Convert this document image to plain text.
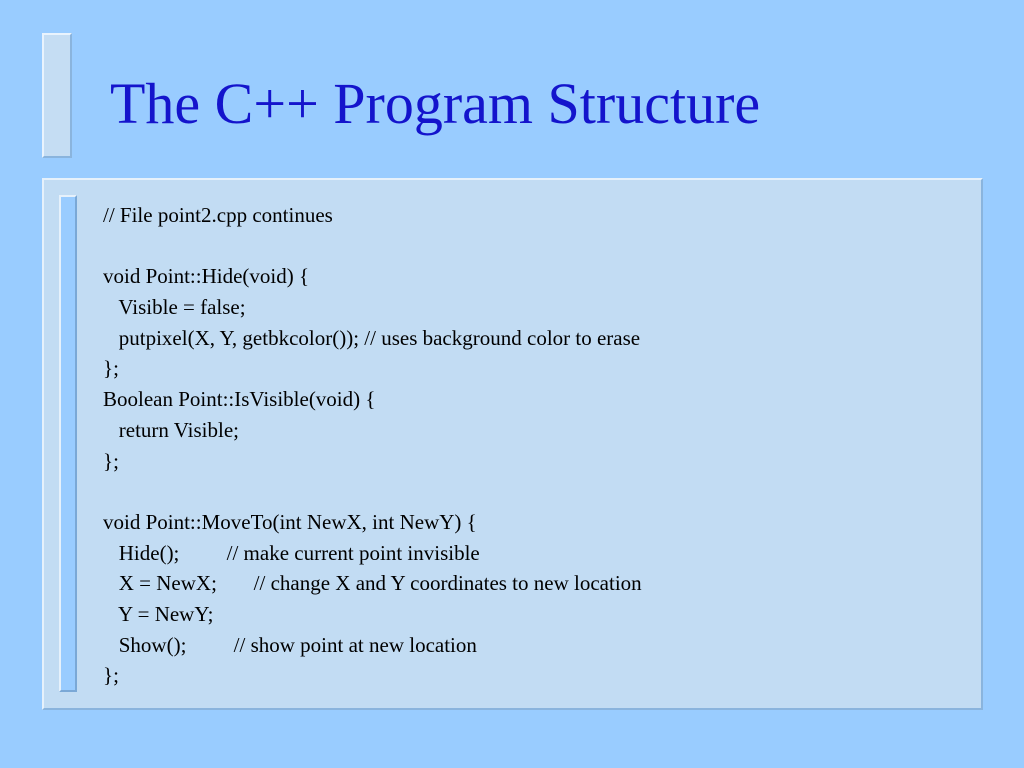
The C++ Program Structure
// File point2.cpp continues
void Point::Hide(void) {
Visible = false;
putpixel(X, Y, getbkcolor()); // uses background color to erase
};
Boolean Point::IsVisible(void) {
return Visible;
};
void Point::MoveTo(int NewX, int NewY) {
Hide();         // make current point invisible
X = NewX;       // change X and Y coordinates to new location
Y = NewY;
Show();         // show point at new location
};
